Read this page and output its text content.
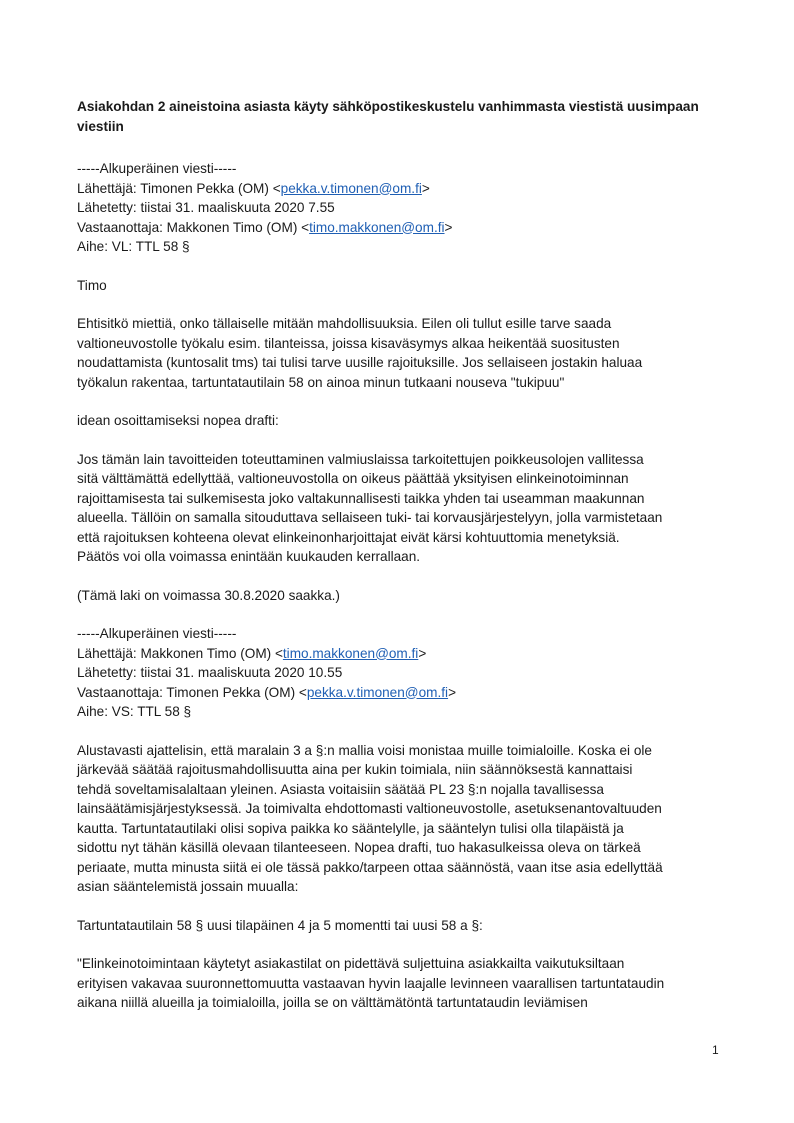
Asiakohdan 2 aineistoina asiasta käyty sähköpostikeskustelu vanhimmasta viestistä uusimpaan
viestiin
-----Alkuperäinen viesti-----
Lähettäjä: Timonen Pekka (OM) <pekka.v.timonen@om.fi>
Lähetetty: tiistai 31. maaliskuuta 2020 7.55
Vastaanottaja: Makkonen Timo (OM) <timo.makkonen@om.fi>
Aihe: VL: TTL 58 §
Timo
Ehtisitkö miettiä, onko tällaiselle mitään mahdollisuuksia. Eilen oli tullut esille tarve saada
valtioneuvostolle työkalu esim. tilanteissa, joissa kisaväsymys alkaa heikentää suositusten
noudattamista (kuntosalit tms) tai tulisi tarve uusille rajoituksille. Jos sellaiseen jostakin haluaa
työkalun rakentaa, tartuntatautilain 58 on ainoa minun tutkaani nouseva "tukipuu"
idean osoittamiseksi nopea drafti:
Jos tämän lain tavoitteiden toteuttaminen valmiuslaissa tarkoitettujen poikkeusolojen vallitessa
sitä välttämättä edellyttää, valtioneuvostolla on oikeus päättää yksityisen elinkeinotoiminnan
rajoittamisesta tai sulkemisesta joko valtakunnallisesti taikka yhden tai useamman maakunnan
alueella. Tällöin on samalla sitouduttava sellaiseen tuki- tai korvausjärjestelyyn, jolla varmistetaan
että rajoituksen kohteena olevat elinkeinonharjoittajat eivät kärsi kohtuuttomia menetyksiä.
Päätös voi olla voimassa enintään kuukauden kerrallaan.
(Tämä laki on voimassa 30.8.2020 saakka.)
-----Alkuperäinen viesti-----
Lähettäjä: Makkonen Timo (OM) <timo.makkonen@om.fi>
Lähetetty: tiistai 31. maaliskuuta 2020 10.55
Vastaanottaja: Timonen Pekka (OM) <pekka.v.timonen@om.fi>
Aihe: VS: TTL 58 §
Alustavasti ajattelisin, että maralain 3 a §:n mallia voisi monistaa muille toimialoille. Koska ei ole
järkevää säätää rajoitusmahdollisuutta aina per kukin toimiala, niin säännöksestä kannattaisi
tehdä soveltamisalaltaan yleinen. Asiasta voitaisiin säätää PL 23 §:n nojalla tavallisessa
lainsäätämisjärjestyksessä. Ja toimivalta ehdottomasti valtioneuvostolle, asetuksenantovaltuuden
kautta. Tartuntatautilaki olisi sopiva paikka ko sääntelylle, ja sääntelyn tulisi olla tilapäistä ja
sidottu nyt tähän käsillä olevaan tilanteeseen. Nopea drafti, tuo hakasulkeissa oleva on tärkeä
periaate, mutta minusta siitä ei ole tässä pakko/tarpeen ottaa säännöstä, vaan itse asia edellyttää
asian sääntelemistä jossain muualla:
Tartuntatautilain 58 § uusi tilapäinen 4 ja 5 momentti tai uusi 58 a §:
"Elinkeinotoimintaan käytetyt asiakastilat on pidettävä suljettuina asiakkailta vaikutuksiltaan
erityisen vakavaa suuronnettomuutta vastaavan hyvin laajalle levinneen vaarallisen tartuntataudin
aikana niillä alueilla ja toimialoilla, joilla se on välttämätöntä tartuntataudin leviämisen
1
